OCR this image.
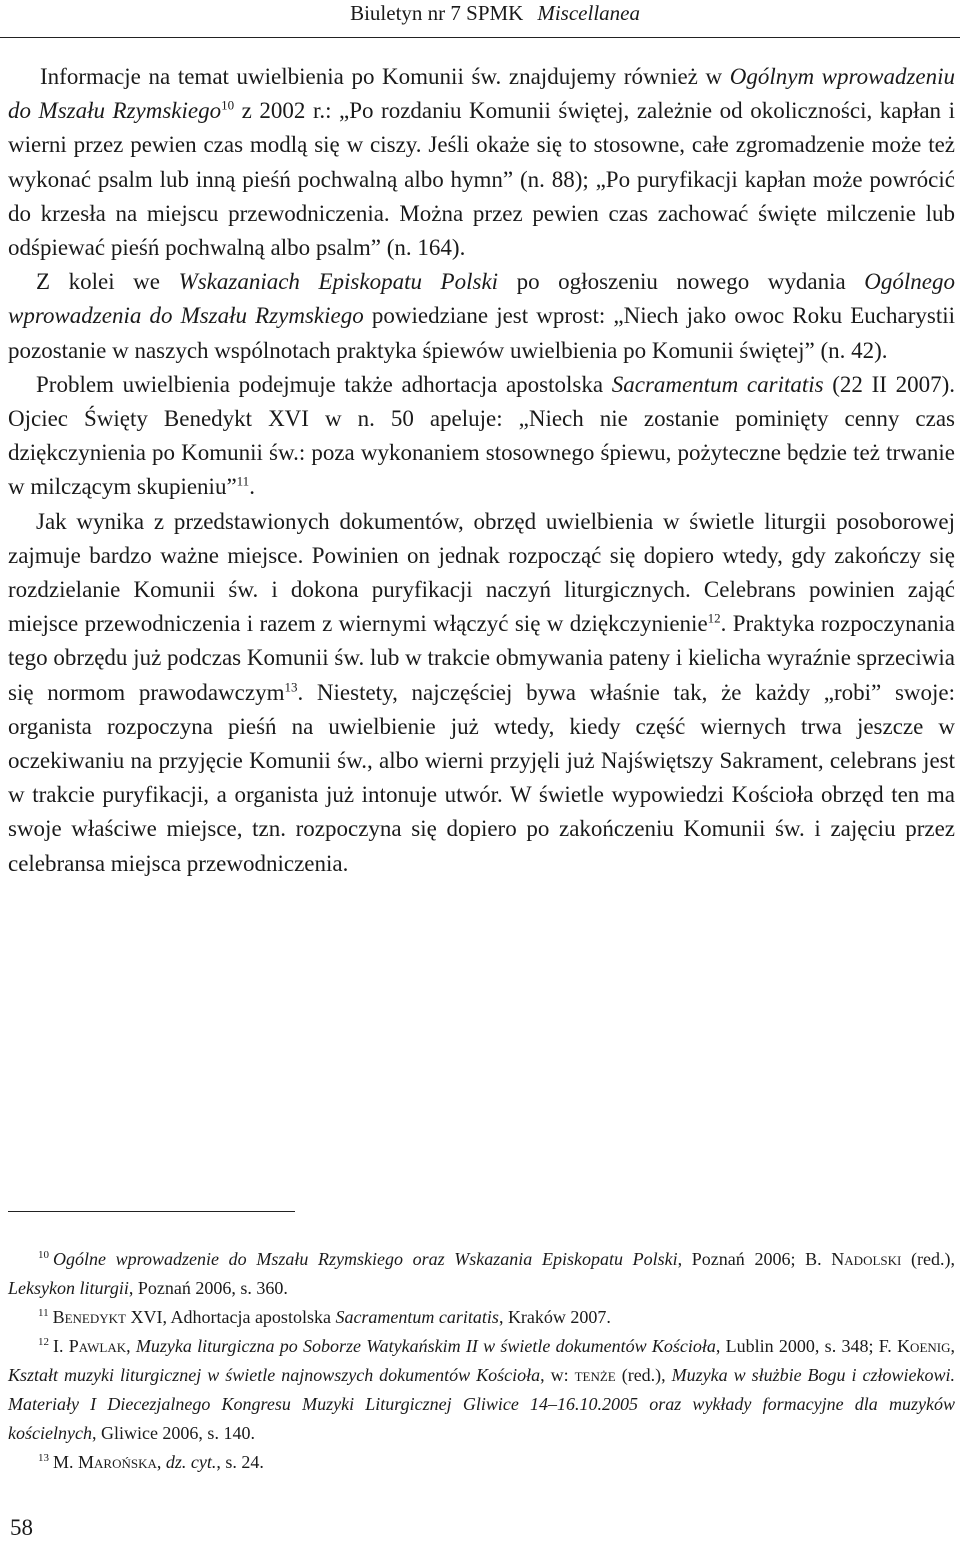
Biuletyn nr 7 SPMK Miscellanea

Informacje na temat uwielbienia po Komunii św. znajdujemy również w Ogólnym wprowadzeniu do Mszału Rzymskiego$^{10}$ z 2002 r.: „Po rozdaniu Komunii świętej, zależnie od okoliczności, kapłan i wierni przez pewien czas modlą się w ciszy. Jeśli okaże się to stosowne, całe zgromadzenie może też wykonać psalm lub inną pieśń pochwalną albo hymn” (n. 88); „Po puryfikacji kapłan może powrócić do krzesła na miejscu przewodniczenia. Można przez pewien czas zachować święte milczenie lub odśpiewać pieśń pochwalną albo psalm” (n. 164).

Z kolei we Wskazaniach Episkopatu Polski po ogłoszeniu nowego wydania Ogólnego wprowadzenia do Mszału Rzymskiego powiedziane jest wprost: „Niech jako owoc Roku Eucharystii pozostanie w naszych wspólnotach praktyka śpiewów uwielbienia po Komunii świętej” (n. 42).

Problem uwielbienia podejmuje także adhortacja apostolska Sacramentum caritatis (22 II 2007). Ojciec Święty Benedykt XVI w n. 50 apeluje: „Niech nie zostanie pominięty cenny czas dziękczynienia po Komunii św.: poza wykonaniem stosownego śpiewu, pożyteczne będzie też trwanie w milczącym skupieniu”$^{11}$.

Jak wynika z przedstawionych dokumentów, obrzęd uwielbienia w świetle liturgii posoborowej zajmuje bardzo ważne miejsce. Powinien on jednak rozpocząć się dopiero wtedy, gdy zakończy się rozdzielanie Komunii św. i dokona puryfikacji naczyń liturgicznych. Celebrans powinien zająć miejsce przewodniczenia i razem z wiernymi włączyć się w dziękczynienie$^{12}$. Praktyka rozpoczynania tego obrzędu już podczas Komunii św. lub w trakcie obmywania pateny i kielicha wyraźnie sprzeciwia się normom prawodawczym$^{13}$. Niestety, najczęściej bywa właśnie tak, że każdy „robi” swoje: organista rozpoczyna pieśń na uwielbienie już wtedy, kiedy część wiernych trwa jeszcze w oczekiwaniu na przyjęcie Komunii św., albo wierni przyjęli już Najświętszy Sakrament, celebrans jest w trakcie puryfikacji, a organista już intonuje utwór. W świetle wypowiedzi Kościoła obrzęd ten ma swoje właściwe miejsce, tzn. rozpoczyna się dopiero po zakończeniu Komunii św. i zajęciu przez celebransa miejsca przewodniczenia.

$^{10}$ Ogólne wprowadzenie do Mszału Rzymskiego oraz Wskazania Episkopatu Polski, Poznań 2006; B. Nadolski (red.), Leksykon liturgii, Poznań 2006, s. 360.

$^{11}$ Benedykt XVI, Adhortacja apostolska Sacramentum caritatis, Kraków 2007.

$^{12}$ I. Pawlak, Muzyka liturgiczna po Soborze Watykańskim II w świetle dokumentów Kościoła, Lublin 2000, s. 348; F. Koenig, Kształt muzyki liturgicznej w świetle najnowszych dokumentów Kościoła, w: tenże (red.), Muzyka w służbie Bogu i człowiekowi. Materiały I Diecezjalnego Kongresu Muzyki Liturgicznej Gliwice 14–16.10.2005 oraz wykłady formacyjne dla muzyków kościelnych, Gliwice 2006, s. 140.

$^{13}$ M. Marońska, dz. cyt., s. 24.

58
